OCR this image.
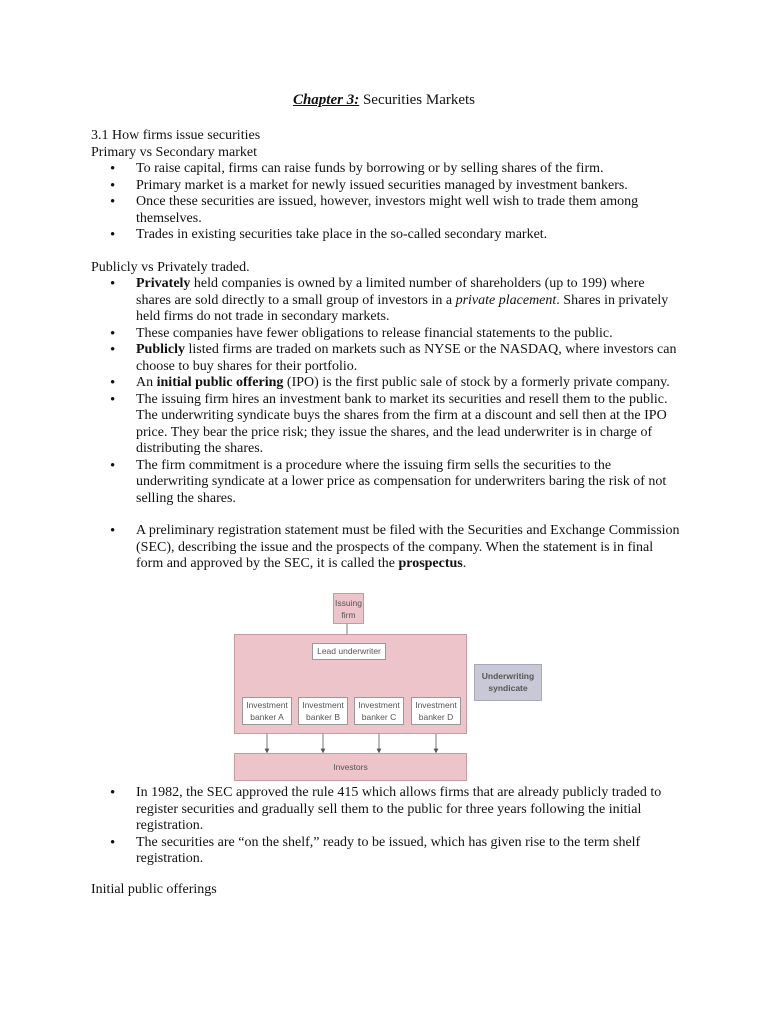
Chapter 3: Securities Markets
3.1 How firms issue securities
Primary vs Secondary market
• To raise capital, firms can raise funds by borrowing or by selling shares of the firm.
• Primary market is a market for newly issued securities managed by investment bankers.
• Once these securities are issued, however, investors might well wish to trade them among themselves.
• Trades in existing securities take place in the so-called secondary market.
Publicly vs Privately traded.
• Privately held companies is owned by a limited number of shareholders (up to 199) where shares are sold directly to a small group of investors in a private placement. Shares in privately held firms do not trade in secondary markets.
• These companies have fewer obligations to release financial statements to the public.
• Publicly listed firms are traded on markets such as NYSE or the NASDAQ, where investors can choose to buy shares for their portfolio.
• An initial public offering (IPO) is the first public sale of stock by a formerly private company.
• The issuing firm hires an investment bank to market its securities and resell them to the public. The underwriting syndicate buys the shares from the firm at a discount and sell then at the IPO price. They bear the price risk; they issue the shares, and the lead underwriter is in charge of distributing the shares.
• The firm commitment is a procedure where the issuing firm sells the securities to the underwriting syndicate at a lower price as compensation for underwriters baring the risk of not selling the shares.
• A preliminary registration statement must be filed with the Securities and Exchange Commission (SEC), describing the issue and the prospects of the company. When the statement is in final form and approved by the SEC, it is called the prospectus.
Issuing
firm
Lead underwriter
Investment
banker A
Investment
banker B
Investment
banker C
Investment
banker D
Underwriting
syndicate
Investors
• In 1982, the SEC approved the rule 415 which allows firms that are already publicly traded to register securities and gradually sell them to the public for three years following the initial registration.
• The securities are “on the shelf,” ready to be issued, which has given rise to the term shelf registration.
Initial public offerings
